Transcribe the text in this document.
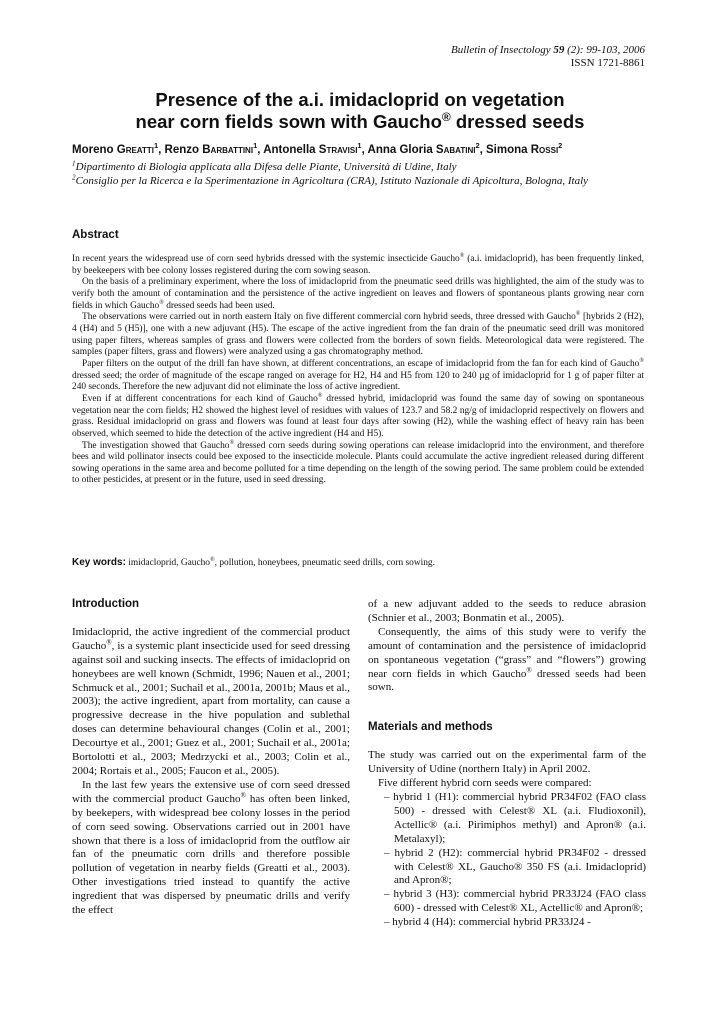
Bulletin of Insectology 59 (2): 99-103, 2006
ISSN 1721-8861
Presence of the a.i. imidacloprid on vegetation
near corn fields sown with Gaucho® dressed seeds
Moreno Greatti$^1$, Renzo Barbattini$^1$, Antonella Stravisi$^1$, Anna Gloria Sabatini$^2$, Simona Rossi$^2$
$^1$Dipartimento di Biologia applicata alla Difesa delle Piante, Università di Udine, Italy
$^2$Consiglio per la Ricerca e la Sperimentazione in Agricoltura (CRA), Istituto Nazionale di Apicoltura, Bologna, Italy
Abstract

In recent years the widespread use of corn seed hybrids dressed with the systemic insecticide Gaucho® (a.i. imidacloprid), has been frequently linked, by beekeepers with bee colony losses registered during the corn sowing season.

On the basis of a preliminary experiment, where the loss of imidacloprid from the pneumatic seed drills was highlighted, the aim of the study was to verify both the amount of contamination and the persistence of the active ingredient on leaves and flowers of spontaneous plants growing near corn fields in which Gaucho® dressed seeds had been used.

The observations were carried out in north eastern Italy on five different commercial corn hybrid seeds, three dressed with Gaucho® [hybrids 2 (H2), 4 (H4) and 5 (H5)], one with a new adjuvant (H5). The escape of the active ingredient from the fan drain of the pneumatic seed drill was monitored using paper filters, whereas samples of grass and flowers were collected from the borders of sown fields. Meteorological data were registered. The samples (paper filters, grass and flowers) were analyzed using a gas chromatography method.

Paper filters on the output of the drill fan have shown, at different concentrations, an escape of imidacloprid from the fan for each kind of Gaucho® dressed seed; the order of magnitude of the escape ranged on average for H2, H4 and H5 from 120 to 240 µg of imidacloprid for 1 g of paper filter at 240 seconds. Therefore the new adjuvant did not eliminate the loss of active ingredient.

Even if at different concentrations for each kind of Gaucho® dressed hybrid, imidacloprid was found the same day of sowing on spontaneous vegetation near the corn fields; H2 showed the highest level of residues with values of 123.7 and 58.2 ng/g of imidacloprid respectively on flowers and grass. Residual imidacloprid on grass and flowers was found at least four days after sowing (H2), while the washing effect of heavy rain has been observed, which seemed to hide the detection of the active ingredient (H4 and H5).

The investigation showed that Gaucho® dressed corn seeds during sowing operations can release imidacloprid into the environment, and therefore bees and wild pollinator insects could bee exposed to the insecticide molecule. Plants could accumulate the active ingredient released during different sowing operations in the same area and become polluted for a time depending on the length of the sowing period. The same problem could be extended to other pesticides, at present or in the future, used in seed dressing.

Key words: imidacloprid, Gaucho®, pollution, honeybees, pneumatic seed drills, corn sowing.
Introduction

Imidacloprid, the active ingredient of the commercial product Gaucho®, is a systemic plant insecticide used for seed dressing against soil and sucking insects. The effects of imidacloprid on honeybees are well known (Schmidt, 1996; Nauen et al., 2001; Schmuck et al., 2001; Suchail et al., 2001a, 2001b; Maus et al., 2003); the active ingredient, apart from mortality, can cause a progressive decrease in the hive population and sublethal doses can determine behavioural changes (Colin et al., 2001; Decourtye et al., 2001; Guez et al., 2001; Suchail et al., 2001a; Bortolotti et al., 2003; Medrzycki et al., 2003; Colin et al., 2004; Rortais et al., 2005; Faucon et al., 2005).

In the last few years the extensive use of corn seed dressed with the commercial product Gaucho® has often been linked, by beekepers, with widespread bee colony losses in the period of corn seed sowing. Observations carried out in 2001 have shown that there is a loss of imidacloprid from the outflow air fan of the pneumatic corn drills and therefore possible pollution of vegetation in nearby fields (Greatti et al., 2003). Other investigations tried instead to quantify the active ingredient that was dispersed by pneumatic drills and verify the effect

of a new adjuvant added to the seeds to reduce abrasion (Schnier et al., 2003; Bonmatin et al., 2005).

Consequently, the aims of this study were to verify the amount of contamination and the persistence of imidacloprid on spontaneous vegetation (“grass” and “flowers”) growing near corn fields in which Gaucho® dressed seeds had been sown.

Materials and methods

The study was carried out on the experimental farm of the University of Udine (northern Italy) in April 2002.

Five different hybrid corn seeds were compared:

– hybrid 1 (H1): commercial hybrid PR34F02 (FAO class 500) - dressed with Celest® XL (a.i. Fludioxonil), Actellic® (a.i. Pirimiphos methyl) and Apron® (a.i. Metalaxyl);
– hybrid 2 (H2): commercial hybrid PR34F02 - dressed with Celest® XL, Gaucho® 350 FS (a.i. Imidacloprid) and Apron®;
– hybrid 3 (H3): commercial hybrid PR33J24 (FAO class 600) - dressed with Celest® XL, Actellic® and Apron®;
– hybrid 4 (H4): commercial hybrid PR33J24 -
